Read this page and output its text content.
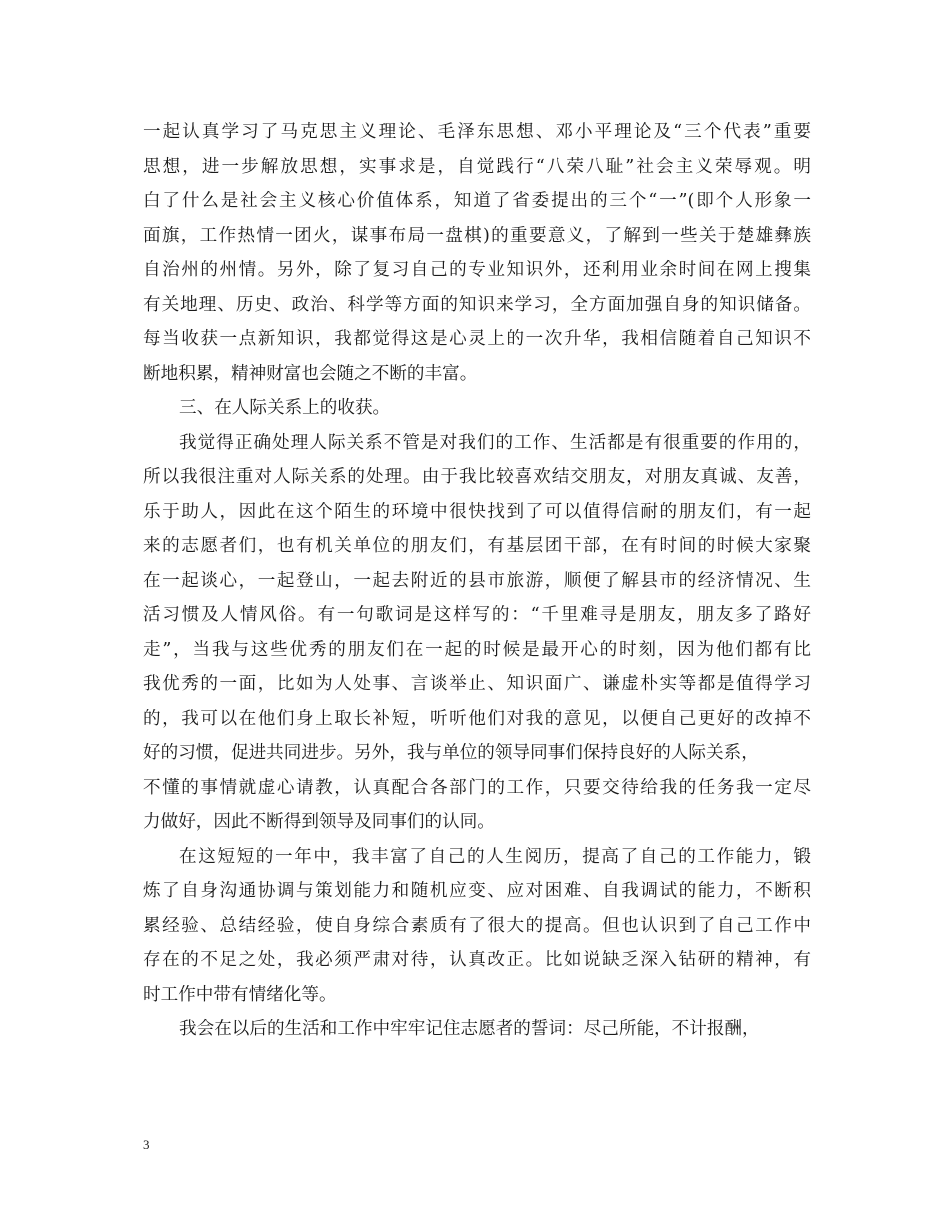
一起认真学习了马克思主义理论、毛泽东思想、邓小平理论及“三个代表”重要
思想，进一步解放思想，实事求是，自觉践行“八荣八耻”社会主义荣辱观。明
白了什么是社会主义核心价值体系，知道了省委提出的三个“一”(即个人形象一
面旗，工作热情一团火，谋事布局一盘棋)的重要意义，了解到一些关于楚雄彝族
自治州的州情。另外，除了复习自己的专业知识外，还利用业余时间在网上搜集
有关地理、历史、政治、科学等方面的知识来学习，全方面加强自身的知识储备。
每当收获一点新知识，我都觉得这是心灵上的一次升华，我相信随着自己知识不
断地积累，精神财富也会随之不断的丰富。
三、在人际关系上的收获。
我觉得正确处理人际关系不管是对我们的工作、生活都是有很重要的作用的，
所以我很注重对人际关系的处理。由于我比较喜欢结交朋友，对朋友真诚、友善，
乐于助人，因此在这个陌生的环境中很快找到了可以值得信耐的朋友们，有一起
来的志愿者们，也有机关单位的朋友们，有基层团干部，在有时间的时候大家聚
在一起谈心，一起登山，一起去附近的县市旅游，顺便了解县市的经济情况、生
活习惯及人情风俗。有一句歌词是这样写的：“千里难寻是朋友，朋友多了路好
走”，当我与这些优秀的朋友们在一起的时候是最开心的时刻，因为他们都有比
我优秀的一面，比如为人处事、言谈举止、知识面广、谦虚朴实等都是值得学习
的，我可以在他们身上取长补短，听听他们对我的意见，以便自己更好的改掉不
好的习惯，促进共同进步。另外，我与单位的领导同事们保持良好的人际关系，
不懂的事情就虚心请教，认真配合各部门的工作，只要交待给我的任务我一定尽
力做好，因此不断得到领导及同事们的认同。
在这短短的一年中，我丰富了自己的人生阅历，提高了自己的工作能力，锻
炼了自身沟通协调与策划能力和随机应变、应对困难、自我调试的能力，不断积
累经验、总结经验，使自身综合素质有了很大的提高。但也认识到了自己工作中
存在的不足之处，我必须严肃对待，认真改正。比如说缺乏深入钻研的精神，有
时工作中带有情绪化等。
我会在以后的生活和工作中牢牢记住志愿者的誓词：尽己所能，不计报酬，
3
